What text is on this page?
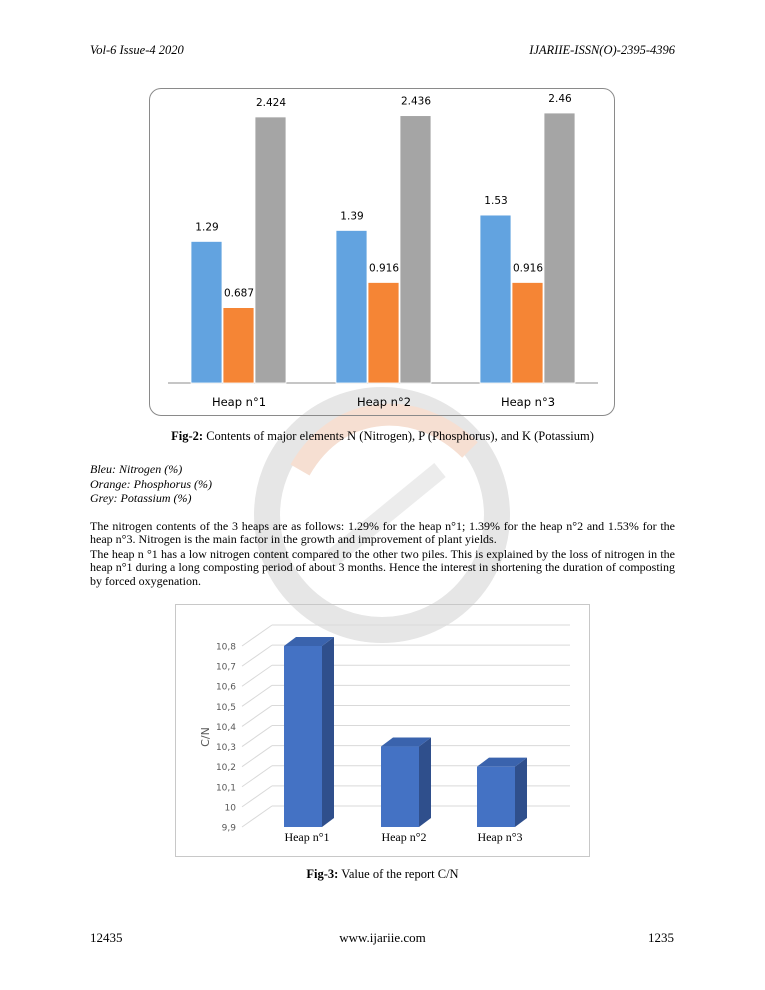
Vol-6 Issue-4 2020	IJARIIE-ISSN(O)-2395-4396
1.29
0.687
2.424
Heap n°1
1.39
0.916
2.436
Heap n°2
1.53
0.916
2.46
Heap n°3
Fig-2: Contents of major elements N (Nitrogen), P (Phosphorus), and K (Potassium)
Bleu: Nitrogen (%)
Orange: Phosphorus (%)
Grey: Potassium (%)

The nitrogen contents of the 3 heaps are as follows: 1.29% for the heap n°1; 1.39% for the heap n°2 and 1.53% for the heap n°3. Nitrogen is the main factor in the growth and improvement of plant yields.

The heap n °1 has a low nitrogen content compared to the other two piles. This is explained by the loss of nitrogen in the heap n°1 during a long composting period of about 3 months. Hence the interest in shortening the duration of composting by forced oxygenation.

9,9
10
10,1
10,2
10,3
10,4
10,5
10,6
10,7
10,8
C/N
Heap n°1	Heap n°2	Heap n°3
Fig-3: Value of the report C/N
12435	www.ijariie.com	1235
